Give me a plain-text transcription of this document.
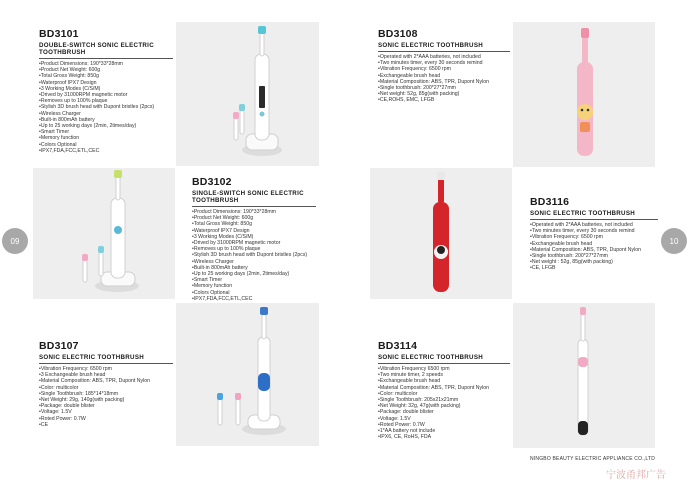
BD3101
DOUBLE-SWITCH SONIC ELECTRIC TOOTHBRUSH
• Product Dimensions: 190*33*28mm
• Product Net Weight: 600g
• Total Gross Weight: 850g
• Waterproof IPX7 Design
• 3 Working Modes (C/S/M)
• Drived by 31000RPM magnetic motor
• Removes up to 100% plaque
• Stylish 3D brush head with Dupont bristles (2pcs)
• Wireless Charger
• Built-in 800mAh battery
• Up to 25 working days (2min, 2times/day)
• Smart Timer
• Memory function
• Colors Optional
• IPX7,FDA,FCC,ETL,CEC
BD3102
SINGLE-SWITCH SONIC ELECTRIC TOOTHBRUSH
• Product Dimensions: 190*33*28mm
• Product Net Weight: 600g
• Total Gross Weight: 850g
• Waterproof IPX7 Design
• 3 Working Modes (C/S/M)
• Drived by 31000RPM magnetic motor
• Removes up to 100% plaque
• Stylish 3D brush head with Dupont bristles (2pcs)
• Wireless Charger
• Built-in 800mAh battery
• Up to 25 working days (2min, 2times/day)
• Smart Timer
• Memory function
• Colors Optional
• IPX7,FDA,FCC,ETL,CEC
BD3107
SONIC ELECTRIC TOOTHBRUSH
• Vibration Frequency: 6500 rpm
• 3 Exchangeable brush head
• Material Composition: ABS, TPR, Dupont Nylon
• Color: multicolor
• Single Toothbrush: 185*14*18mm
• Net Weight: 29g, 140g(with packing)
• Package: double blister
• Voltage: 1.5V
• Roted Power: 0.7W
• CE
BD3108
SONIC ELECTRIC TOOTHBRUSH
• Operated with 2*AAA batteries, not included
• Two minutes timer, every 30 seconds remind
• Vibration Frequency: 6500 rpm
• Exchangeable brush head
• Material Composition: ABS, TPR, Dupont Nylon
• Single toothbrush: 200*27*27mm
• Net weight: 52g, 85g(with packing)
• CE,ROHS, EMC, LFGB
BD3116
SONIC ELECTRIC TOOTHBRUSH
• Operated with 2*AAA batteries, not included
• Two minutes timer, every 30 seconds remind
• Vibration Frequency: 6500 rpm
• Exchangeable brush head
• Material Composition: ABS, TPR, Dupont Nylon
• Single toothbrush: 200*27*27mm
• Net weight : 52g, 85g(with packing)
• CE, LFGB
BD3114
SONIC ELECTRIC TOOTHBRUSH
• Vibration Frequency 6500 rpm
• Two minute timer, 2 speeds
• Exchangeable brush head
• Material Composition: ABS, TPR, Dupont Nylon
• Color: multicolor
• Single Toothbrush: 205x21x21mm
• Net Weight: 32g, 47g(with packing)
• Package: double blister
• Voltage: 1.5V
• Roted Power: 0.7W
• 1*AA battery not include
• IPX6, CE, RoHS, FDA
09	10
NINGBO BEAUTY ELECTRIC APPLIANCE CO.,LTD
宁波甬邦广告
